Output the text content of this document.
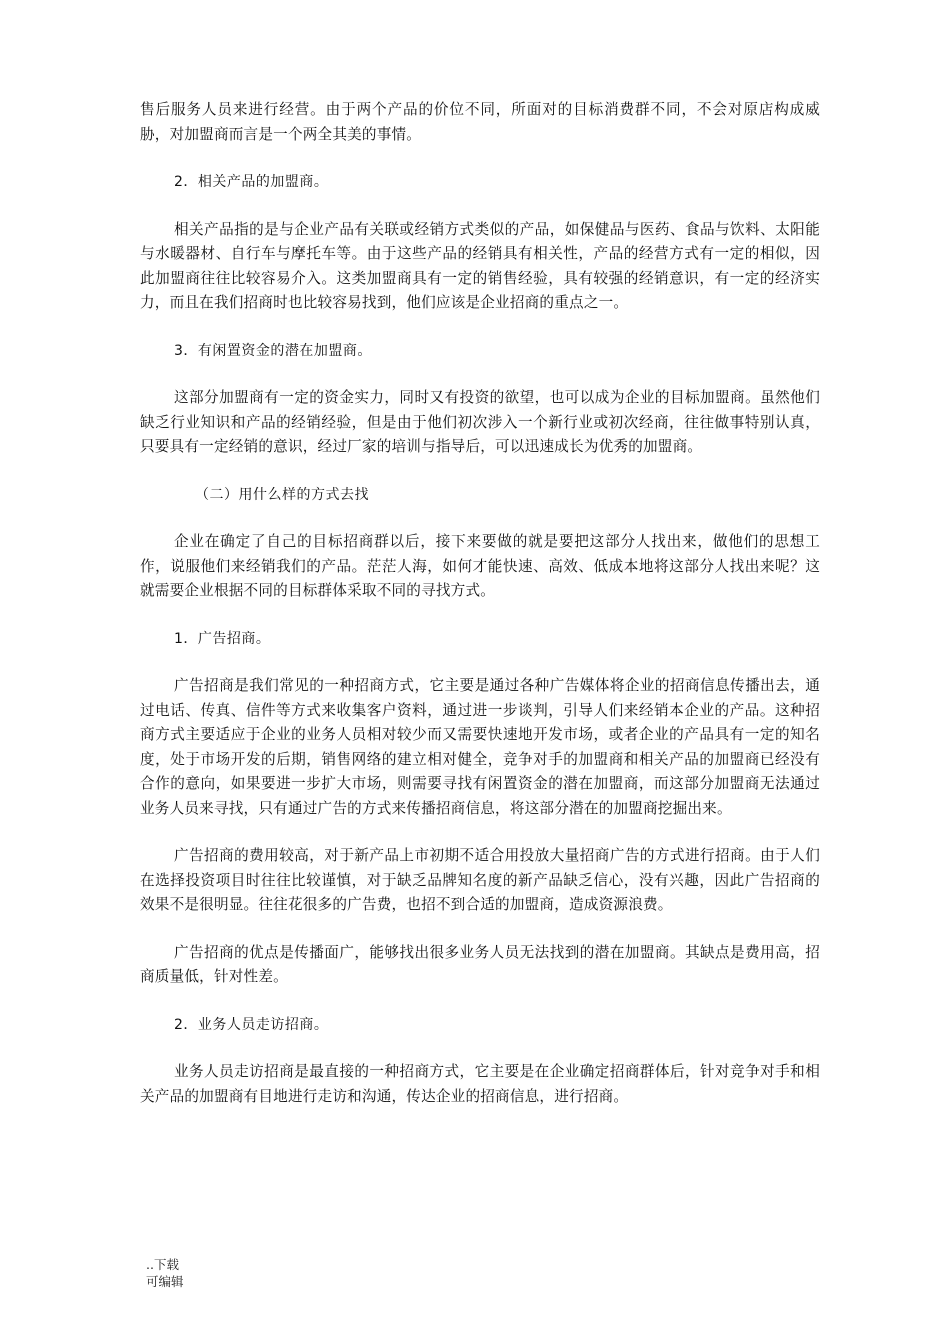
售后服务人员来进行经营。由于两个产品的价位不同，所面对的目标消费群不同，不会对原店构成威胁，对加盟商而言是一个两全其美的事情。

2．相关产品的加盟商。

相关产品指的是与企业产品有关联或经销方式类似的产品，如保健品与医药、食品与饮料、太阳能与水暖器材、自行车与摩托车等。由于这些产品的经销具有相关性，产品的经营方式有一定的相似，因此加盟商往往比较容易介入。这类加盟商具有一定的销售经验，具有较强的经销意识，有一定的经济实力，而且在我们招商时也比较容易找到，他们应该是企业招商的重点之一。

3．有闲置资金的潜在加盟商。

这部分加盟商有一定的资金实力，同时又有投资的欲望，也可以成为企业的目标加盟商。虽然他们缺乏行业知识和产品的经销经验，但是由于他们初次涉入一个新行业或初次经商，往往做事特别认真，只要具有一定经销的意识，经过厂家的培训与指导后，可以迅速成长为优秀的加盟商。

（二）用什么样的方式去找

企业在确定了自己的目标招商群以后，接下来要做的就是要把这部分人找出来，做他们的思想工作，说服他们来经销我们的产品。茫茫人海，如何才能快速、高效、低成本地将这部分人找出来呢？这就需要企业根据不同的目标群体采取不同的寻找方式。

1．广告招商。

广告招商是我们常见的一种招商方式，它主要是通过各种广告媒体将企业的招商信息传播出去，通过电话、传真、信件等方式来收集客户资料，通过进一步谈判，引导人们来经销本企业的产品。这种招商方式主要适应于企业的业务人员相对较少而又需要快速地开发市场，或者企业的产品具有一定的知名度，处于市场开发的后期，销售网络的建立相对健全，竞争对手的加盟商和相关产品的加盟商已经没有合作的意向，如果要进一步扩大市场，则需要寻找有闲置资金的潜在加盟商，而这部分加盟商无法通过业务人员来寻找，只有通过广告的方式来传播招商信息，将这部分潜在的加盟商挖掘出来。

广告招商的费用较高，对于新产品上市初期不适合用投放大量招商广告的方式进行招商。由于人们在选择投资项目时往往比较谨慎，对于缺乏品牌知名度的新产品缺乏信心，没有兴趣，因此广告招商的效果不是很明显。往往花很多的广告费，也招不到合适的加盟商，造成资源浪费。

广告招商的优点是传播面广，能够找出很多业务人员无法找到的潜在加盟商。其缺点是费用高，招商质量低，针对性差。

2．业务人员走访招商。

业务人员走访招商是最直接的一种招商方式，它主要是在企业确定招商群体后，针对竞争对手和相关产品的加盟商有目地进行走访和沟通，传达企业的招商信息，进行招商。

..下载
可编辑
